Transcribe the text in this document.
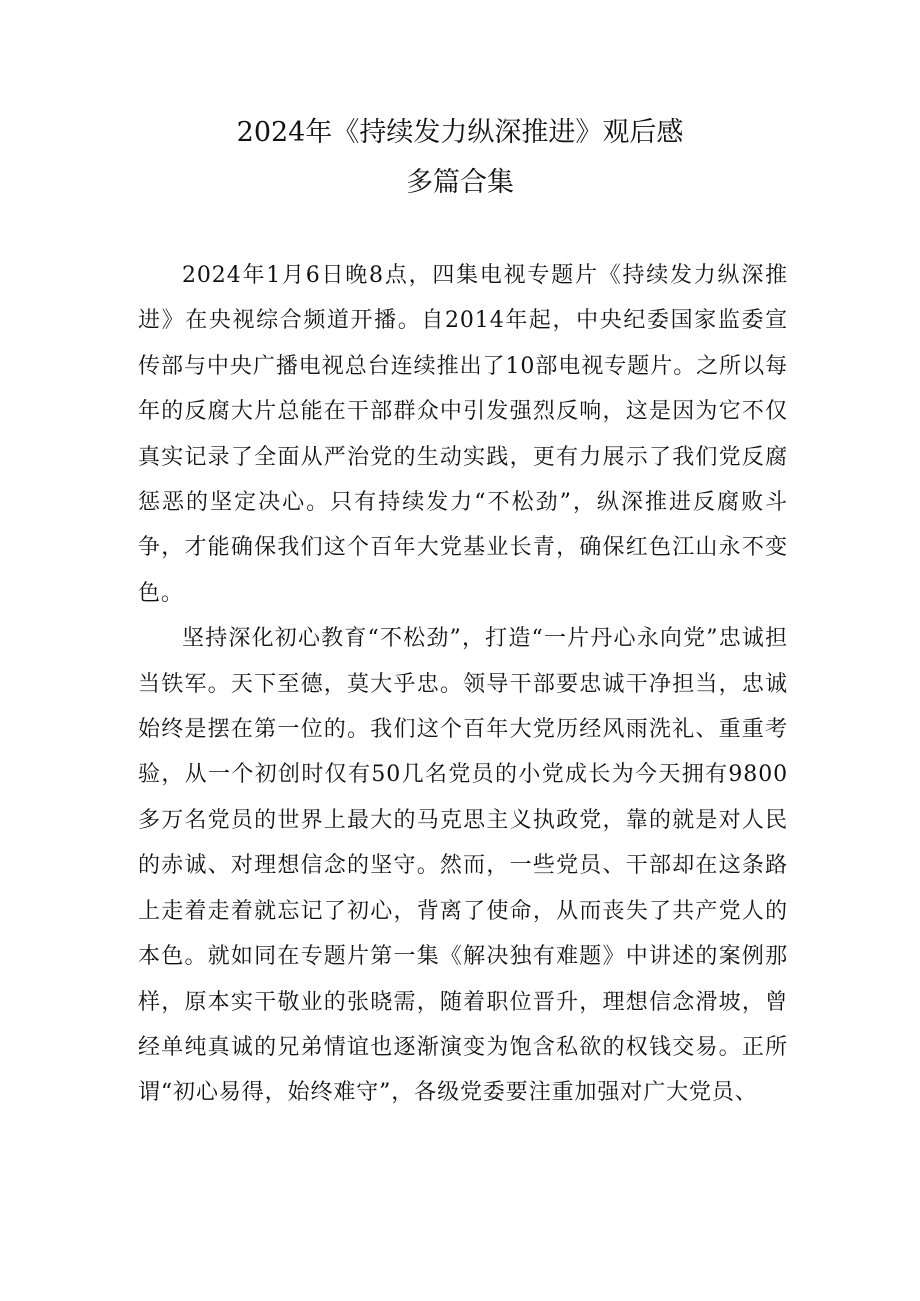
2024年《持续发力纵深推进》观后感
多篇合集

2024年1月6日晚8点，四集电视专题片《持续发力纵深推进》在央视综合频道开播。自2014年起，中央纪委国家监委宣传部与中央广播电视总台连续推出了10部电视专题片。之所以每年的反腐大片总能在干部群众中引发强烈反响，这是因为它不仅真实记录了全面从严治党的生动实践，更有力展示了我们党反腐惩恶的坚定决心。只有持续发力“不松劲”，纵深推进反腐败斗争，才能确保我们这个百年大党基业长青，确保红色江山永不变色。

坚持深化初心教育“不松劲”，打造“一片丹心永向党”忠诚担当铁军。天下至德，莫大乎忠。领导干部要忠诚干净担当，忠诚始终是摆在第一位的。我们这个百年大党历经风雨洗礼、重重考验，从一个初创时仅有50几名党员的小党成长为今天拥有9800多万名党员的世界上最大的马克思主义执政党，靠的就是对人民的赤诚、对理想信念的坚守。然而，一些党员、干部却在这条路上走着走着就忘记了初心，背离了使命，从而丧失了共产党人的本色。就如同在专题片第一集《解决独有难题》中讲述的案例那样，原本实干敬业的张晓需，随着职位晋升，理想信念滑坡，曾经单纯真诚的兄弟情谊也逐渐演变为饱含私欲的权钱交易。正所谓“初心易得，始终难守”，各级党委要注重加强对广大党员、
